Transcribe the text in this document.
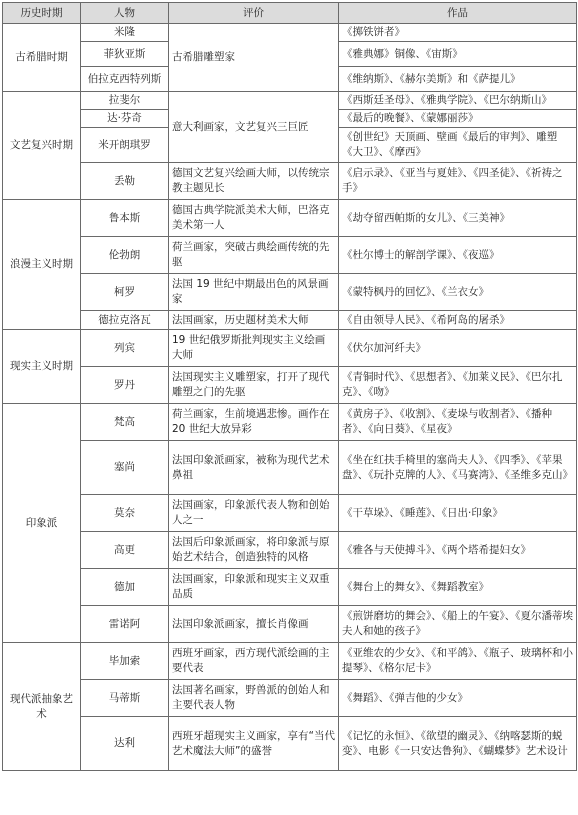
历史时期	人物	评价	作品
古希腊时期	米隆	古希腊雕塑家	《掷铁饼者》
	菲狄亚斯		《雅典娜》铜像、《宙斯》
	伯拉克西特列斯		《维纳斯》、《赫尔美斯》和《萨提儿》
文艺复兴时期	拉斐尔	意大利画家，文艺复兴三巨匠	《西斯廷圣母》、《雅典学院》、《巴尔纳斯山》
	达·芬奇		《最后的晚餐》、《蒙娜丽莎》
	米开朗琪罗		《创世纪》天顶画、壁画《最后的审判》、雕塑《大卫》、《摩西》
	丢勒	德国文艺复兴绘画大师，以传统宗教主题见长	《启示录》、《亚当与夏娃》、《四圣徒》、《祈祷之手》
浪漫主义时期	鲁本斯	德国古典学院派美术大师，巴洛克美术第一人	《劫夺留西帕斯的女儿》、《三美神》
	伦勃朗	荷兰画家，突破古典绘画传统的先驱	《杜尔博士的解剖学课》、《夜巡》
	柯罗	法国 19 世纪中期最出色的风景画家	《蒙特枫丹的回忆》、《兰衣女》
	德拉克洛瓦	法国画家，历史题材美术大师	《自由领导人民》、《希阿岛的屠杀》
现实主义时期	列宾	19 世纪俄罗斯批判现实主义绘画大师	《伏尔加河纤夫》
	罗丹	法国现实主义雕塑家，打开了现代雕塑之门的先驱	《青铜时代》、《思想者》、《加莱义民》、《巴尔扎克》、《吻》
印象派	梵高	荷兰画家，生前境遇悲惨。画作在 20 世纪大放异彩	《黄房子》、《收割》、《麦垛与收割者》、《播种者》、《向日葵》、《星夜》
	塞尚	法国印象派画家，被称为现代艺术鼻祖	《坐在红扶手椅里的塞尚夫人》、《四季》、《苹果盘》、《玩扑克牌的人》、《马赛湾》、《圣维多克山》
	莫奈	法国画家，印象派代表人物和创始人之一	《干草垛》、《睡莲》、《日出·印象》
	高更	法国后印象派画家，将印象派与原始艺术结合，创造独特的风格	《雅各与天使搏斗》、《两个塔希提妇女》
	德加	法国画家，印象派和现实主义双重品质	《舞台上的舞女》、《舞蹈教室》
	雷诺阿	法国印象派画家，擅长肖像画	《煎饼磨坊的舞会》、《船上的午宴》、《夏尔潘蒂埃夫人和她的孩子》
现代派抽象艺术	毕加索	西班牙画家，西方现代派绘画的主要代表	《亚维农的少女》、《和平鸽》、《瓶子、玻璃杯和小提琴》、《格尔尼卡》
	马蒂斯	法国著名画家，野兽派的创始人和主要代表人物	《舞蹈》、《弹吉他的少女》
	达利	西班牙超现实主义画家，享有“当代艺术魔法大师”的盛誉	《记忆的永恒》、《欲望的幽灵》、《纳喀瑟斯的蜕变》、电影《一只安达鲁狗》、《蝴蝶梦》艺术设计
